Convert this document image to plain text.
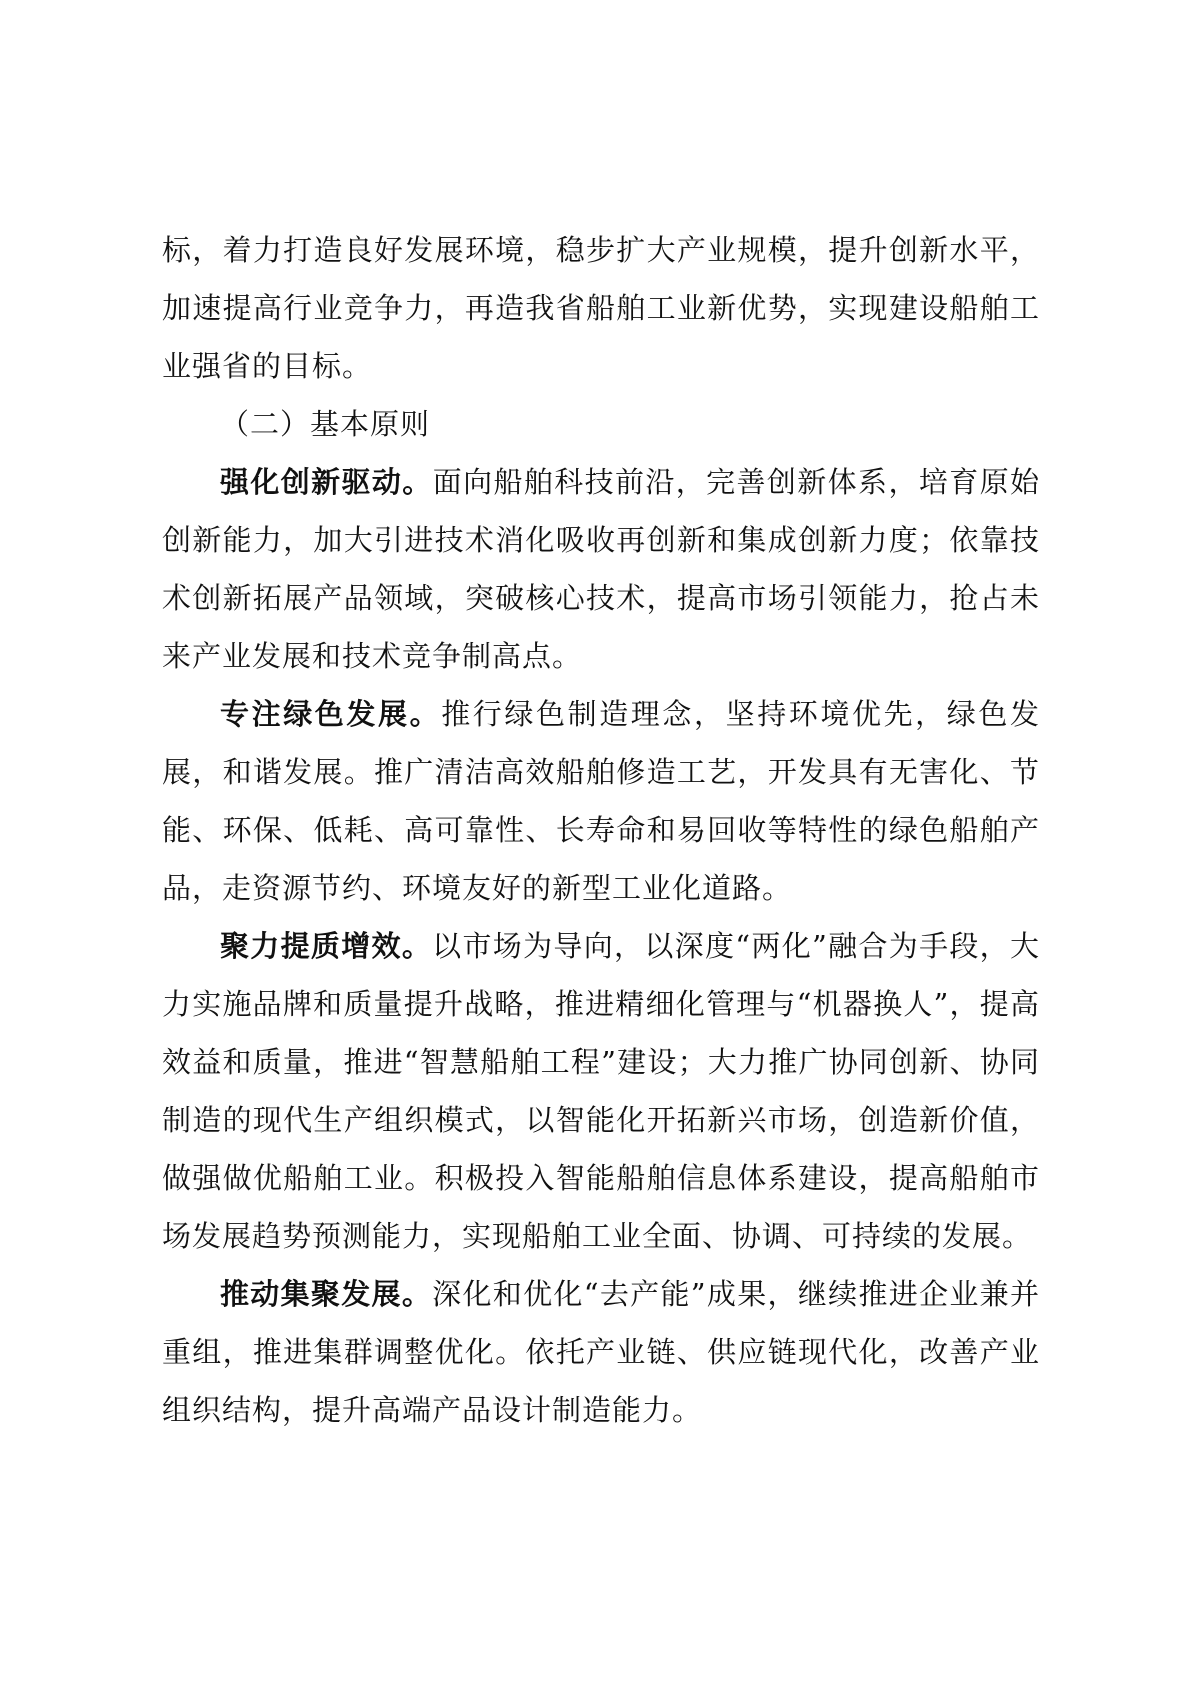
标，着力打造良好发展环境，稳步扩大产业规模，提升创新水平，加速提高行业竞争力，再造我省船舶工业新优势，实现建设船舶工业强省的目标。

（二）基本原则

强化创新驱动。面向船舶科技前沿，完善创新体系，培育原始创新能力，加大引进技术消化吸收再创新和集成创新力度；依靠技术创新拓展产品领域，突破核心技术，提高市场引领能力，抢占未来产业发展和技术竞争制高点。

专注绿色发展。推行绿色制造理念，坚持环境优先，绿色发展，和谐发展。推广清洁高效船舶修造工艺，开发具有无害化、节能、环保、低耗、高可靠性、长寿命和易回收等特性的绿色船舶产品，走资源节约、环境友好的新型工业化道路。

聚力提质增效。以市场为导向，以深度“两化”融合为手段，大力实施品牌和质量提升战略，推进精细化管理与“机器换人”，提高效益和质量，推进“智慧船舶工程”建设；大力推广协同创新、协同制造的现代生产组织模式，以智能化开拓新兴市场，创造新价值，做强做优船舶工业。积极投入智能船舶信息体系建设，提高船舶市场发展趋势预测能力，实现船舶工业全面、协调、可持续的发展。

推动集聚发展。深化和优化“去产能”成果，继续推进企业兼并重组，推进集群调整优化。依托产业链、供应链现代化，改善产业组织结构，提升高端产品设计制造能力。
